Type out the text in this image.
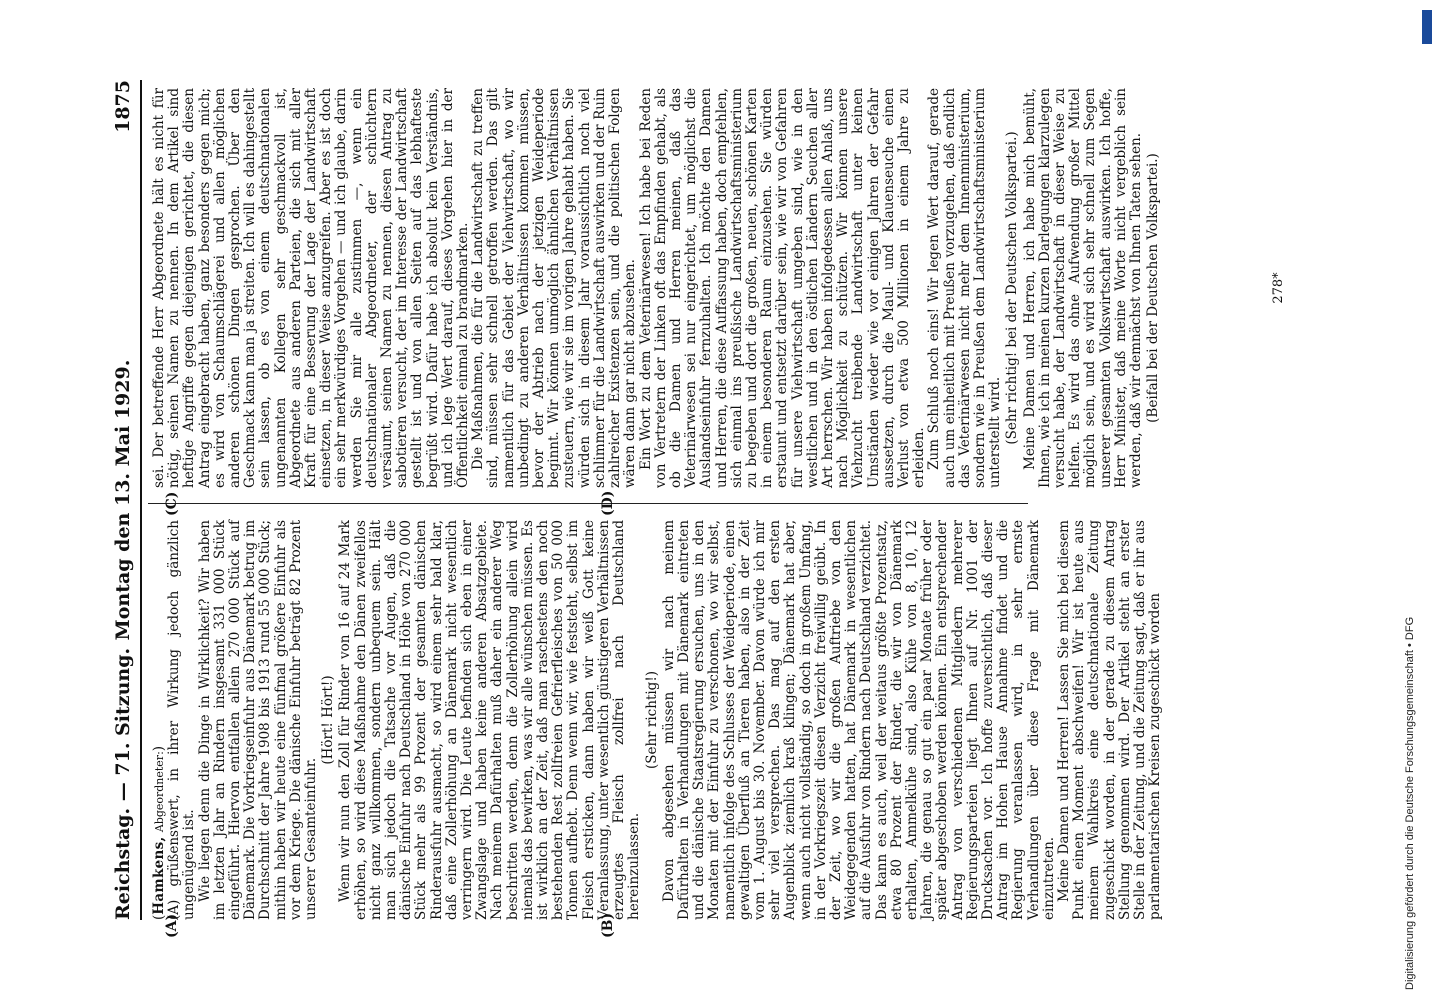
Reichstag. — 71. Sitzung.
Montag den 13. Mai 1929.
1875
(A)	(B)
(C)	(D)

(Hamkens, Abgeordneter:) (A) grüßenswert, in ihrer Wirkung jedoch gänzlich ungenügend ist. Wie liegen denn die Dinge in Wirklichkeit? Wir haben im letzten Jahr an Rindern insgesamt 331 000 Stück eingeführt. Hiervon entfallen allein 270 000 Stück auf Dänemark. Die Vorkriegseinfuhr aus Dänemark betrug im Durchschnitt der Jahre 1908 bis 1913 rund 55 000 Stück; mithin haben wir heute eine fünfmal größere Einfuhr als vor dem Kriege. Die dänische Einfuhr beträgt 82 Prozent unserer Gesamteinfuhr.

(Hört! Hört!) Wenn wir nun den Zoll für Rinder von 16 auf 24 Mark erhöhen, so wird diese Maßnahme den Dänen zweifellos nicht ganz willkommen, sondern unbequem sein. Hält man sich jedoch die Tatsache vor Augen, daß die dänische Einfuhr nach Deutschland in Höhe von 270 000 Stück mehr als 99 Prozent der gesamten dänischen Rinderausfuhr ausmacht, so wird einem sehr bald klar, daß eine Zollerhöhung an Dänemark nicht wesentlich verringern wird. Die Leute befinden sich eben in einer Zwangslage und haben keine anderen Absatzgebiete. Nach meinem Dafürhalten muß daher ein anderer Weg beschritten werden, denn die Zollerhöhung allein wird niemals das bewirken, was wir alle wünschen müssen. Es ist wirklich an der Zeit, daß man raschestens den noch bestehenden Rest zollfreien Gefrierfleisches von 50 000 Tonnen aufhebt. Denn wenn wir, wie feststeht, selbst im Fleisch ersticken, dann haben wir weiß Gott keine Veranlassung, unter wesentlich günstigeren Verhältnissen erzeugtes Fleisch zollfrei nach Deutschland hereinzulassen.

(Sehr richtig!) Davon abgesehen müssen wir nach meinem Dafürhalten in Verhandlungen mit Dänemark eintreten und die dänische Staatsregierung ersuchen, uns in den Monaten mit der Einfuhr zu verschonen, wo wir selbst, namentlich infolge des Schlusses der Weideperiode, einen gewaltigen Überfluß an Tieren haben, also in der Zeit vom 1. August bis 30. November. Davon würde ich mir sehr viel versprechen. Das mag auf den ersten Augenblick ziemlich kraß klingen; Dänemark hat aber, wenn auch nicht vollständig, so doch in großem Umfang, in der Vorkriegszeit diesen Verzicht freiwillig geübt. In der Zeit, wo wir die großen Auftriebe von den Weidegegenden hatten, hat Dänemark in wesentlichen auf die Ausfuhr von Rindern nach Deutschland verzichtet. Das kann es auch, weil der weitaus größte Prozentsatz, etwa 80 Prozent der Rinder, die wir von Dänemark erhalten, Ammelkühe sind, also Kühe von 8, 10, 12 Jahren, die genau so gut ein paar Monate früher oder später abgeschoben werden können. Ein entsprechender Antrag von verschiedenen Mitgliedern mehrerer Regierungsparteien liegt Ihnen auf Nr. 1001 der Drucksachen vor. Ich hoffe zuversichtlich, daß dieser Antrag im Hohen Hause Annahme findet und die Regierung veranlassen wird, in sehr ernste Verhandlungen über diese Frage mit Dänemark einzutreten. Meine Damen und Herren! Lassen Sie mich bei diesem Punkt einen Moment abschweifen! Wir ist heute aus meinem Wahlkreis eine deutschnationale Zeitung zugeschickt worden, in der gerade zu diesem Antrag Stellung genommen wird. Der Artikel steht an erster Stelle in der Zeitung, und die Zeitung sagt, daß er ihr aus parlamentarischen Kreisen zugeschickt worden

sei. Der betreffende Herr Abgeordnete hält es nicht für nötig, seinen Namen zu nennen. In dem Artikel sind heftige Angriffe gegen diejenigen gerichtet, die diesen Antrag eingebracht haben, ganz besonders gegen mich; es wird von Schaumschlägerei und allen möglichen anderen schönen Dingen gesprochen. Über den Geschmack kann man ja streiten. Ich will es dahingestellt sein lassen, ob es von einem deutschnationalen ungenannten Kollegen sehr geschmackvoll ist, Abgeordnete aus anderen Parteien, die sich mit aller Kraft für eine Besserung der Lage der Landwirtschaft einsetzen, in dieser Weise anzugreifen. Aber es ist doch ein sehr merkwürdiges Vorgehen — und ich glaube, darin werden Sie mir alle zustimmen —, wenn ein deutschnationaler Abgeordneter, der schüchtern versäumt, seinen Namen zu nennen, diesen Antrag zu sabotieren versucht, der im Interesse der Landwirtschaft gestellt ist und von allen Seiten auf das lebhafteste begrüßt wird. Dafür habe ich absolut kein Verständnis, und ich lege Wert darauf, dieses Vorgehen hier in der Öffentlichkeit einmal zu brandmarken. Die Maßnahmen, die für die Landwirtschaft zu treffen sind, müssen sehr schnell getroffen werden. Das gilt namentlich für das Gebiet der Viehwirtschaft, wo wir unbedingt zu anderen Verhältnissen kommen müssen, bevor der Abtrieb nach der jetzigen Weideperiode beginnt. Wir können unmöglich ähnlichen Verhältnissen zusteuern, wie wir sie im vorigen Jahre gehabt haben. Sie würden sich in diesem Jahr voraussichtlich noch viel schlimmer für die Landwirtschaft auswirken und der Ruin zahlreicher Existenzen sein, und die politischen Folgen wären dann gar nicht abzusehen. Ein Wort zu dem Veterinärwesen! Ich habe bei Reden von Vertretern der Linken oft das Empfinden gehabt, als ob die Damen und Herren meinen, daß das Veterinärwesen sei nur eingerichtet, um möglichst die Auslandseinfuhr fernzuhalten. Ich möchte den Damen und Herren, die diese Auffassung haben, doch empfehlen, sich einmal ins preußische Landwirtschaftsministerium zu begeben und dort die großen, neuen, schönen Karten in einem besonderen Raum einzusehen. Sie würden erstaunt und entsetzt darüber sein, wie wir von Gefahren für unsere Viehwirtschaft umgeben sind, wie in den westlichen und in den östlichen Ländern Seuchen aller Art herrschen. Wir haben infolgedessen allen Anlaß, uns nach Möglichkeit zu schützen. Wir können unsere Viehzucht treibende Landwirtschaft unter keinen Umständen wieder wie vor einigen Jahren der Gefahr aussetzen, durch die Maul- und Klauenseuche einen Verlust von etwa 500 Millionen in einem Jahre zu erleiden. Zum Schluß noch eins! Wir legen Wert darauf, gerade auch um einheitlich mit Preußen vorzugehen, daß endlich das Veterinärwesen nicht mehr dem Innenministerium, sondern wie in Preußen dem Landwirtschaftsministerium unterstellt wird. (Sehr richtig! bei der Deutschen Volkspartei.) Meine Damen und Herren, ich habe mich bemüht, Ihnen, wie ich in meinen kurzen Darlegungen klarzulegen versucht habe, der Landwirtschaft in dieser Weise zu helfen. Es wird das ohne Aufwendung großer Mittel möglich sein, und es wird sich sehr schnell zum Segen unserer gesamten Volkswirtschaft auswirken. Ich hoffe, Herr Minister, daß meine Worte nicht vergeblich sein werden, daß wir demnächst von Ihnen Taten sehen. (Beifall bei der Deutschen Volkspartei.)	278*
Digitalisierung gefördert durch die Deutsche Forschungsgemeinschaft • DFG
